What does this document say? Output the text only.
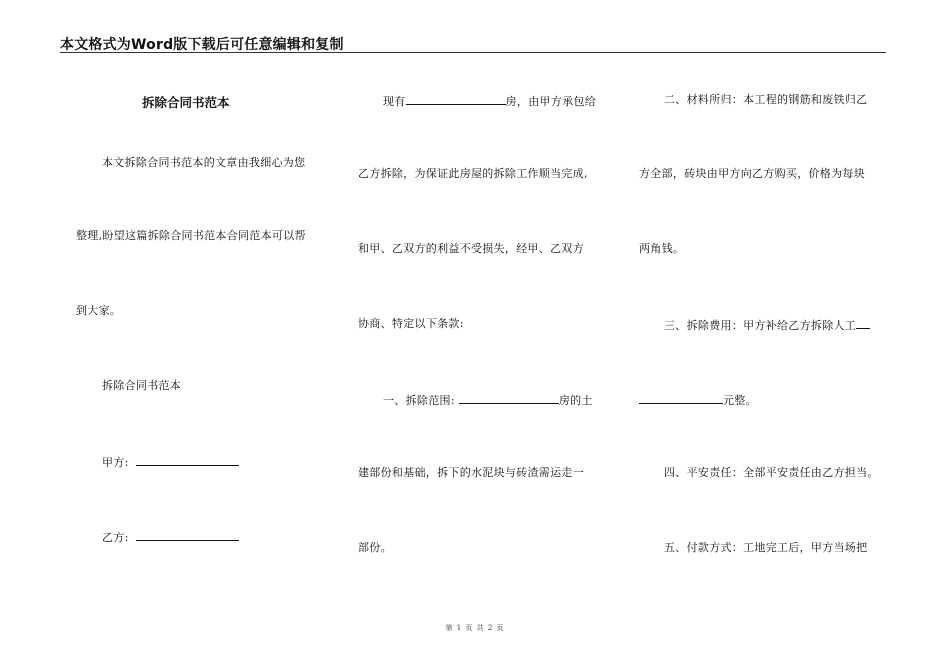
本文格式为Word版下载后可任意编辑和复制
拆除合同书范本
本文拆除合同书范本的文章由我细心为您
整理,盼望这篇拆除合同书范本合同范本可以帮
到大家。
拆除合同书范本
甲方:
乙方:
现有	房，由甲方承包给
乙方拆除，为保证此房屋的拆除工作顺当完成,
和甲、乙双方的利益不受损失，经甲、乙双方
协商、特定以下条款:
一、拆除范围:	房的土
建部份和基础，拆下的水泥块与砖渣需运走一
部份。
二、材料所归：本工程的钢筋和废铁归乙
方全部，砖块由甲方向乙方购买，价格为每块
两角钱。
三、拆除费用：甲方补给乙方拆除人工
元整。
四、平安责任：全部平安责任由乙方担当。
五、付款方式：工地完工后，甲方当场把
第 1 页 共 2 页
